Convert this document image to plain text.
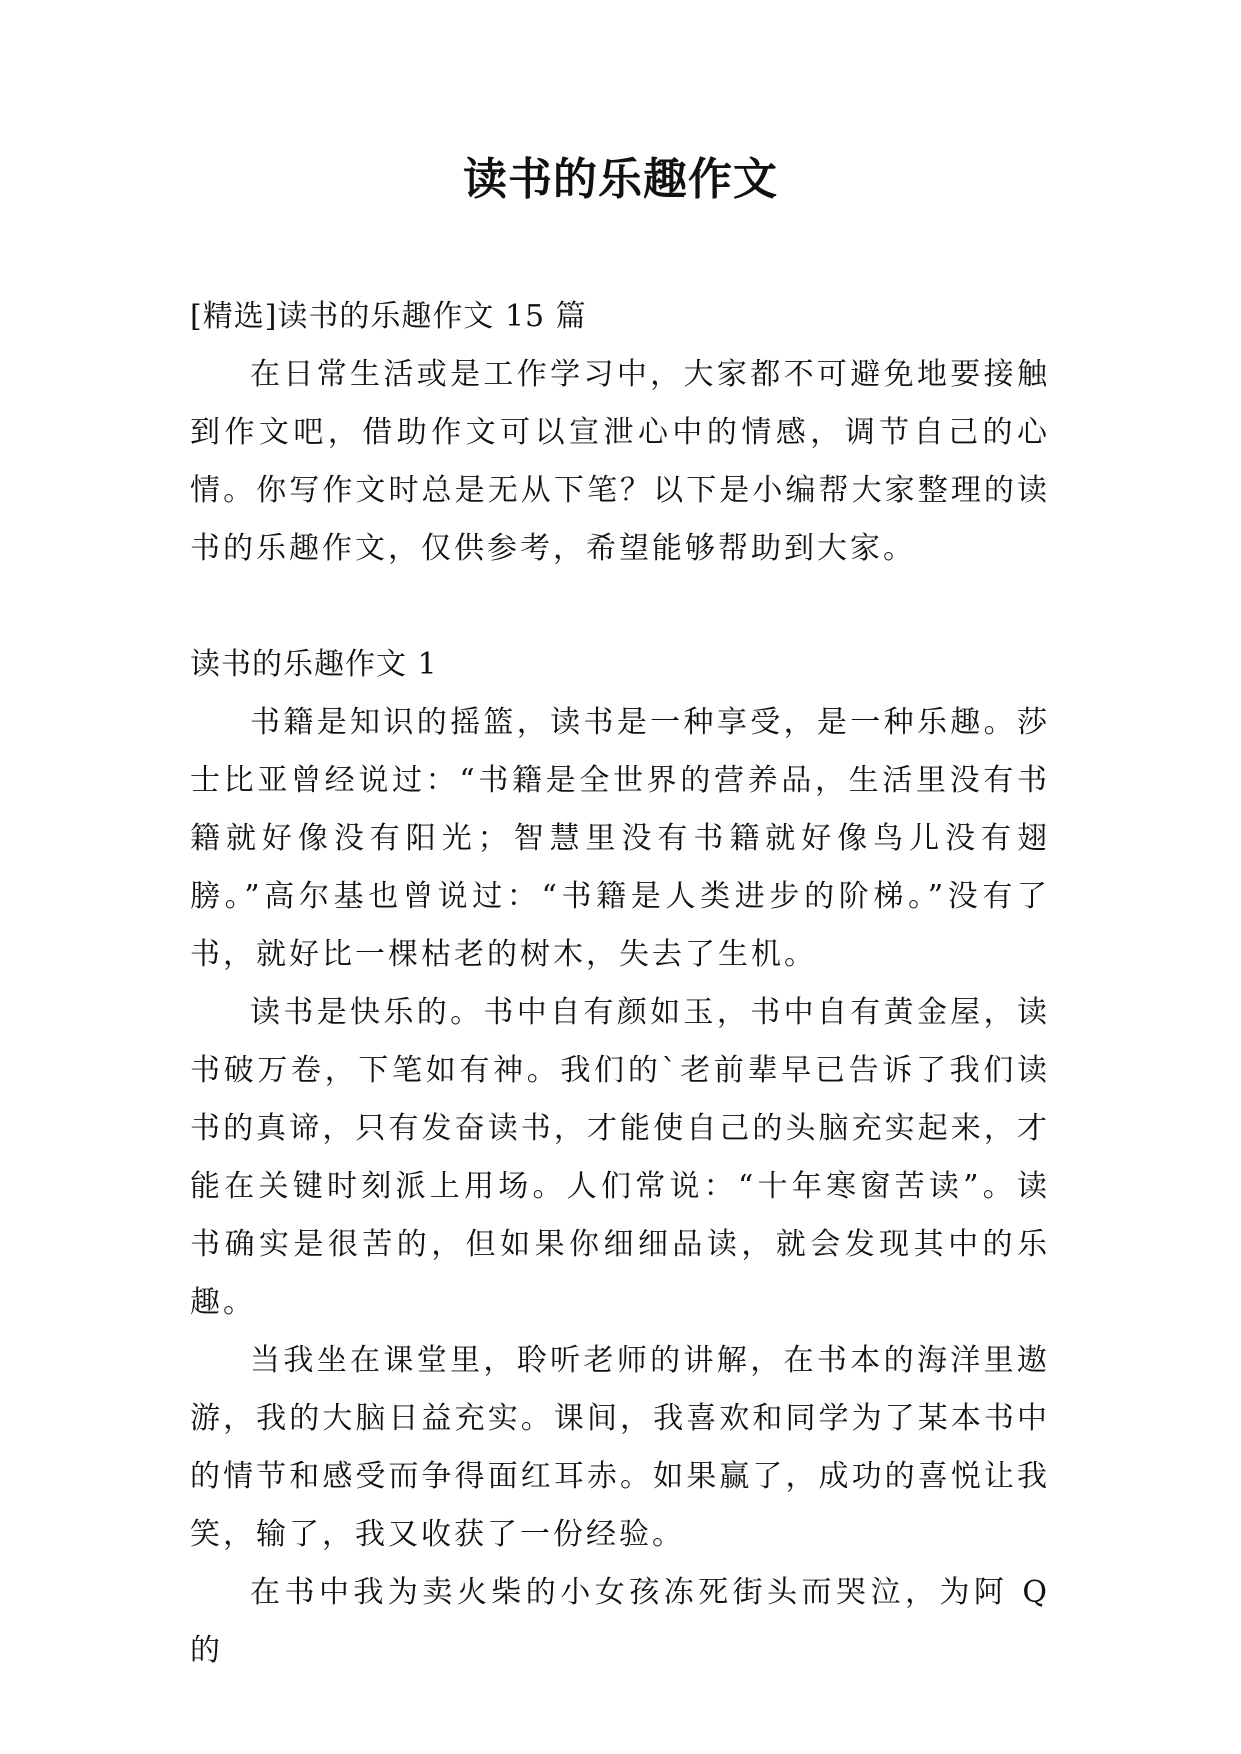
读书的乐趣作文

[精选]读书的乐趣作文 15 篇

在日常生活或是工作学习中，大家都不可避免地要接触到作文吧，借助作文可以宣泄心中的情感，调节自己的心情。你写作文时总是无从下笔？以下是小编帮大家整理的读书的乐趣作文，仅供参考，希望能够帮助到大家。

读书的乐趣作文 1

书籍是知识的摇篮，读书是一种享受，是一种乐趣。莎士比亚曾经说过：“书籍是全世界的营养品，生活里没有书籍就好像没有阳光；智慧里没有书籍就好像鸟儿没有翅膀。”高尔基也曾说过：“书籍是人类进步的阶梯。”没有了书，就好比一棵枯老的树木，失去了生机。

读书是快乐的。书中自有颜如玉，书中自有黄金屋，读书破万卷，下笔如有神。我们的`老前辈早已告诉了我们读书的真谛，只有发奋读书，才能使自己的头脑充实起来，才能在关键时刻派上用场。人们常说：“十年寒窗苦读”。读书确实是很苦的，但如果你细细品读，就会发现其中的乐趣。

当我坐在课堂里，聆听老师的讲解，在书本的海洋里遨游，我的大脑日益充实。课间，我喜欢和同学为了某本书中的情节和感受而争得面红耳赤。如果赢了，成功的喜悦让我笑，输了，我又收获了一份经验。

在书中我为卖火柴的小女孩冻死街头而哭泣，为阿 Q 的
